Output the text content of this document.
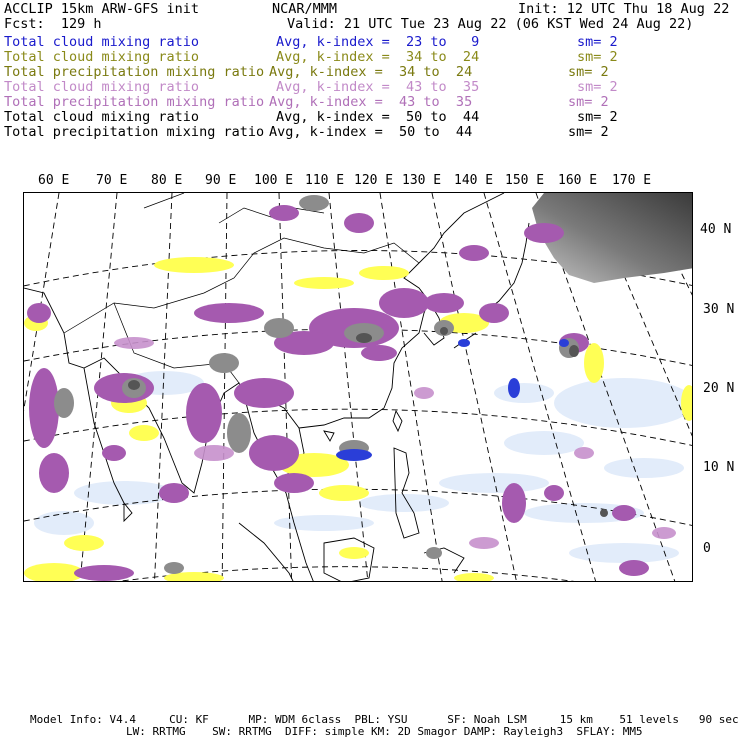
ACCLIP 15km ARW-GFS init	NCAR/MMM	Init: 12 UTC Thu 18 Aug 22
Fcst:  129 h	Valid: 21 UTC Tue 23 Aug 22 (06 KST Wed 24 Aug 22)
Total cloud mixing ratio	Avg, k-index =  23 to   9	sm= 2
Total cloud mixing ratio	Avg, k-index =  34 to  24	sm= 2
Total precipitation mixing ratio Avg, k-index =  34 to  24	sm= 2
Total cloud mixing ratio	Avg, k-index =  43 to  35	sm= 2
Total precipitation mixing ratio Avg, k-index =  43 to  35	sm= 2
Total cloud mixing ratio	Avg, k-index =  50 to  44	sm= 2
Total precipitation mixing ratio Avg, k-index =  50 to  44	sm= 2
60 E 70 E 80 E 90 E 100 E 110 E 120 E 130 E 140 E 150 E 160 E 170 E
40 N
30 N
20 N
10 N
0
Model Info: V4.4     CU: KF      MP: WDM 6class  PBL: YSU      SF: Noah LSM     15 km    51 levels   90 sec
LW: RRTMG    SW: RRTMG  DIFF: simple KM: 2D Smagor DAMP: Rayleigh3  SFLAY: MM5
